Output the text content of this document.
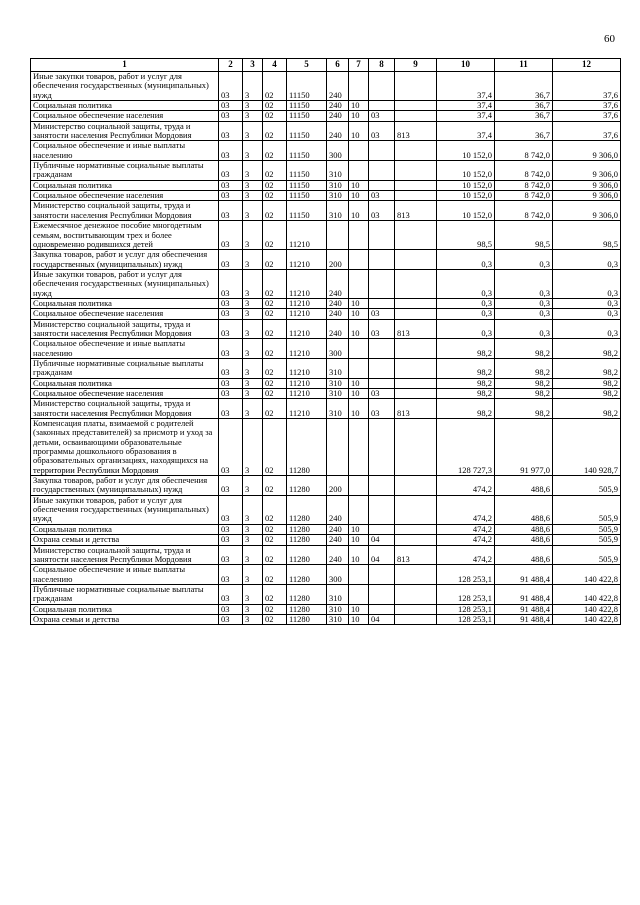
60
1	2	3	4	5	6	7	8	9	10	11	12
Иные закупки товаров, работ и услуг для обеспечения государственных (муниципальных) нужд	03	3	02	11150	240				37,4	36,7	37,6
Социальная политика	03	3	02	11150	240	10			37,4	36,7	37,6
Социальное обеспечение населения	03	3	02	11150	240	10	03		37,4	36,7	37,6
Министерство социальной защиты, труда и занятости населения Республики Мордовия	03	3	02	11150	240	10	03	813	37,4	36,7	37,6
Социальное обеспечение и иные выплаты населению	03	3	02	11150	300				10 152,0	8 742,0	9 306,0
Публичные нормативные социальные выплаты гражданам	03	3	02	11150	310				10 152,0	8 742,0	9 306,0
Социальная политика	03	3	02	11150	310	10			10 152,0	8 742,0	9 306,0
Социальное обеспечение населения	03	3	02	11150	310	10	03		10 152,0	8 742,0	9 306,0
Министерство социальной защиты, труда и занятости населения Республики Мордовия	03	3	02	11150	310	10	03	813	10 152,0	8 742,0	9 306,0
Ежемесячное денежное пособие многодетным семьям, воспитывающим трех и более одновременно родившихся детей	03	3	02	11210					98,5	98,5	98,5
Закупка товаров, работ и услуг для обеспечения государственных (муниципальных) нужд	03	3	02	11210	200				0,3	0,3	0,3
Иные закупки товаров, работ и услуг для обеспечения государственных (муниципальных) нужд	03	3	02	11210	240				0,3	0,3	0,3
Социальная политика	03	3	02	11210	240	10			0,3	0,3	0,3
Социальное обеспечение населения	03	3	02	11210	240	10	03		0,3	0,3	0,3
Министерство социальной защиты, труда и занятости населения Республики Мордовия	03	3	02	11210	240	10	03	813	0,3	0,3	0,3
Социальное обеспечение и иные выплаты населению	03	3	02	11210	300				98,2	98,2	98,2
Публичные нормативные социальные выплаты гражданам	03	3	02	11210	310				98,2	98,2	98,2
Социальная политика	03	3	02	11210	310	10			98,2	98,2	98,2
Социальное обеспечение населения	03	3	02	11210	310	10	03		98,2	98,2	98,2
Министерство социальной защиты, труда и занятости населения Республики Мордовия	03	3	02	11210	310	10	03	813	98,2	98,2	98,2
Компенсация платы, взимаемой с родителей (законных представителей) за присмотр и уход за детьми, осваивающими образовательные программы дошкольного образования в образовательных организациях, находящихся на территории Республики Мордовия	03	3	02	11280					128 727,3	91 977,0	140 928,7
Закупка товаров, работ и услуг для обеспечения государственных (муниципальных) нужд	03	3	02	11280	200				474,2	488,6	505,9
Иные закупки товаров, работ и услуг для обеспечения государственных (муниципальных) нужд	03	3	02	11280	240				474,2	488,6	505,9
Социальная политика	03	3	02	11280	240	10			474,2	488,6	505,9
Охрана семьи и детства	03	3	02	11280	240	10	04		474,2	488,6	505,9
Министерство социальной защиты, труда и занятости населения Республики Мордовия	03	3	02	11280	240	10	04	813	474,2	488,6	505,9
Социальное обеспечение и иные выплаты населению	03	3	02	11280	300				128 253,1	91 488,4	140 422,8
Публичные нормативные социальные выплаты гражданам	03	3	02	11280	310				128 253,1	91 488,4	140 422,8
Социальная политика	03	3	02	11280	310	10			128 253,1	91 488,4	140 422,8
Охрана семьи и детства	03	3	02	11280	310	10	04		128 253,1	91 488,4	140 422,8
